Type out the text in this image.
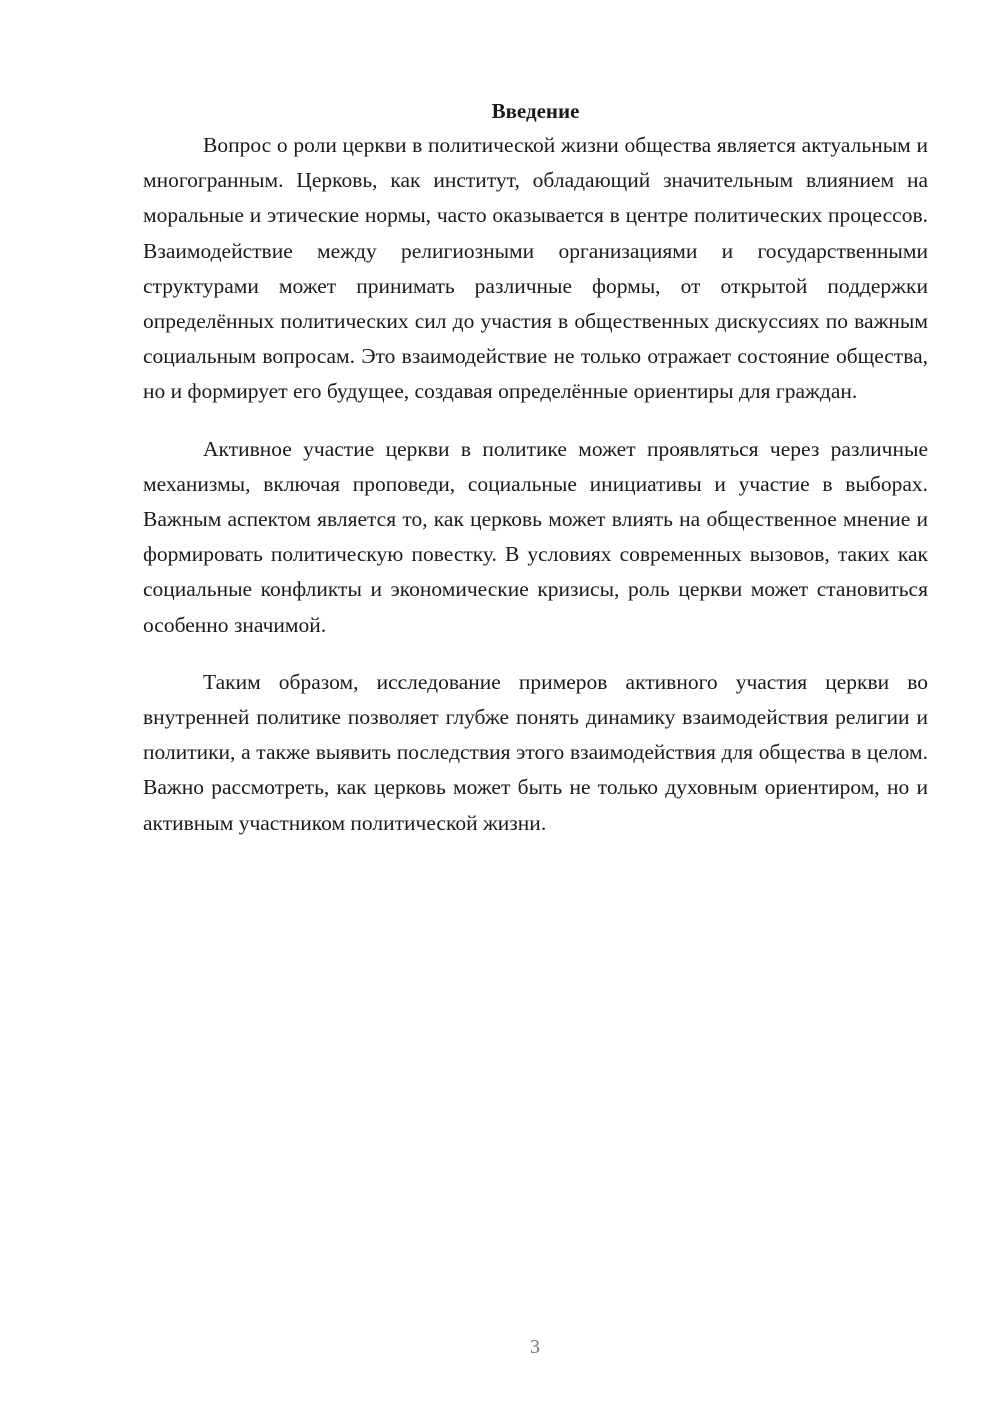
Введение

Вопрос о роли церкви в политической жизни общества является актуальным и многогранным. Церковь, как институт, обладающий значительным влиянием на моральные и этические нормы, часто оказывается в центре политических процессов. Взаимодействие между религиозными организациями и государственными структурами может принимать различные формы, от открытой поддержки определённых политических сил до участия в общественных дискуссиях по важным социальным вопросам. Это взаимодействие не только отражает состояние общества, но и формирует его будущее, создавая определённые ориентиры для граждан.

Активное участие церкви в политике может проявляться через различные механизмы, включая проповеди, социальные инициативы и участие в выборах. Важным аспектом является то, как церковь может влиять на общественное мнение и формировать политическую повестку. В условиях современных вызовов, таких как социальные конфликты и экономические кризисы, роль церкви может становиться особенно значимой.

Таким образом, исследование примеров активного участия церкви во внутренней политике позволяет глубже понять динамику взаимодействия религии и политики, а также выявить последствия этого взаимодействия для общества в целом. Важно рассмотреть, как церковь может быть не только духовным ориентиром, но и активным участником политической жизни.

3
